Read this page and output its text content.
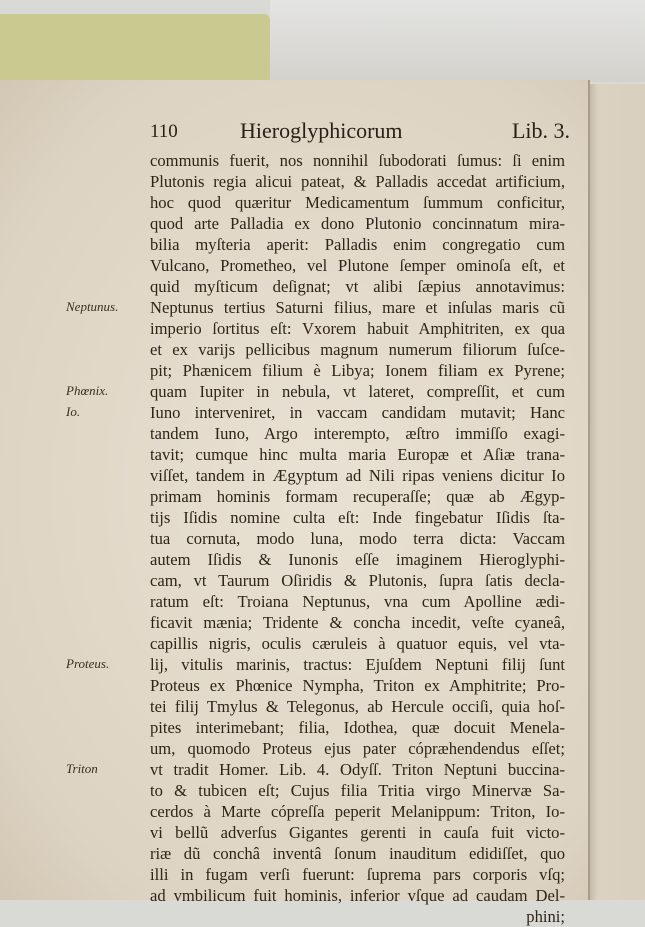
110	Hieroglyphicorum	Lib. 3.
communis fuerit, nos nonnihil ſubodorati ſumus: ſi enim
Plutonis regia alicui pateat, & Palladis accedat artificium,
hoc quod quæritur Medicamentum ſummum conficitur,
quod arte Palladia ex dono Plutonio concinnatum mira-
bilia myſteria aperit: Palladis enim congregatio cum
Vulcano, Prometheo, vel Plutone ſemper ominoſa eſt, et
quid myſticum deſignat; vt alibi ſæpius annotavimus:
Neptunus. Neptunus tertius Saturni filius, mare et inſulas maris cũ
imperio ſortitus eſt: Vxorem habuit Amphitriten, ex qua
et ex varijs pellicibus magnum numerum filiorum ſuſce-
pit; Phænicem filium è Libya; Ionem filiam ex Pyrene;
Phœnix.	quam Iupiter in nebula, vt lateret, compreſſit, et cum
Io.	Iuno interveniret, in vaccam candidam mutavit; Hanc
tandem Iuno, Argo interempto, æſtro immiſſo exagi-
tavit; cumque hinc multa maria Europæ et Aſiæ trana-
viſſet, tandem in Ægyptum ad Nili ripas veniens dicitur Io
primam hominis formam recuperaſſe; quæ ab Ægyp-
tijs Iſidis nomine culta eſt: Inde fingebatur Iſidis ſta-
tua cornuta, modo luna, modo terra dicta: Vaccam
autem Iſidis & Iunonis eſſe imaginem Hieroglyphi-
cam, vt Taurum Oſiridis & Plutonis, ſupra ſatis decla-
ratum eſt: Troiana Neptunus, vna cum Apolline ædi-
ficavit mænia; Tridente & concha incedit, veſte cyaneâ,
capillis nigris, oculis cæruleis à quatuor equis, vel vta-
Proteus. lij, vitulis marinis, tractus: Ejuſdem Neptuni filij ſunt
Proteus ex Phœnice Nympha, Triton ex Amphitrite; Pro-
tei filij Tmylus & Telegonus, ab Hercule occiſi, quia hoſ-
pites interimebant; filia, Idothea, quæ docuit Menela-
um, quomodo Proteus ejus pater cópræhendendus eſſet;
Triton	vt tradit Homer. Lib. 4. Odyſſ. Triton Neptuni buccina-
to & tubicen eſt; Cujus filia Tritia virgo Minervæ Sa-
cerdos à Marte cópreſſa peperit Melanippum: Triton, Io-
vi bellũ adverſus Gigantes gerenti in cauſa fuit victo-
riæ dũ conchâ inventâ ſonum inauditum edidiſſet, quo
illi in fugam verſi fuerunt: ſuprema pars corporis vſq;
ad vmbilicum fuit hominis, inferior vſque ad caudam Del-
phini;
